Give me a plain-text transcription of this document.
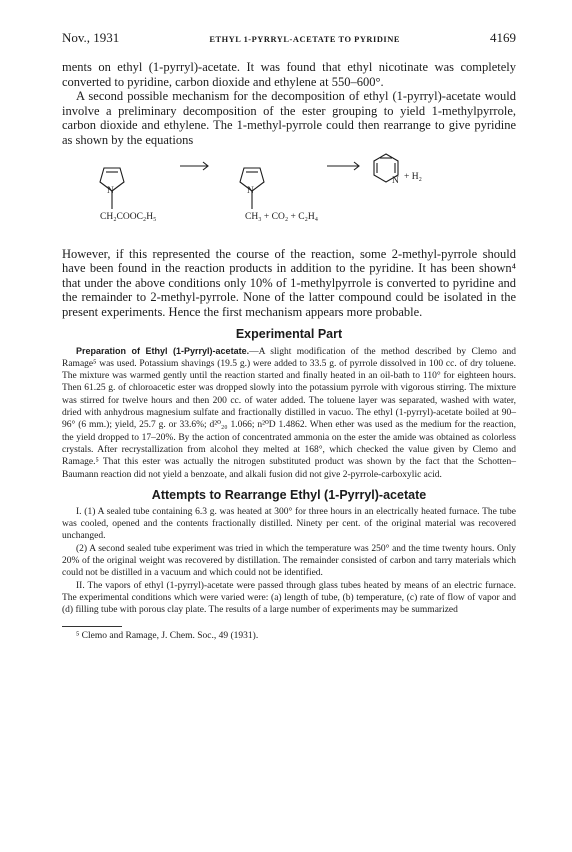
Nov., 1931	ETHYL 1-PYRRYL-ACETATE TO PYRIDINE	4169

ments on ethyl (1-pyrryl)-acetate. It was found that ethyl nicotinate was completely converted to pyridine, carbon dioxide and ethylene at 550–600°.

A second possible mechanism for the decomposition of ethyl (1-pyrryl)-acetate would involve a preliminary decomposition of the ester grouping to yield 1-methylpyrrole, carbon dioxide and ethylene. The 1-methyl-pyrrole could then rearrange to give pyridine as shown by the equations

N	N
N + H₂
CH₂COOC₂H₅	CH₃ + CO₂ + C₂H₄

However, if this represented the course of the reaction, some 2-methyl-pyrrole should have been found in the reaction products in addition to the pyridine. It has been shown⁴ that under the above conditions only 10% of 1-methylpyrrole is converted to pyridine and the remainder to 2-methyl-pyrrole. None of the latter compound could be isolated in the present experiments. Hence the first mechanism appears more probable.

Experimental Part

Preparation of Ethyl (1-Pyrryl)-acetate.—A slight modification of the method described by Clemo and Ramage⁵ was used. Potassium shavings (19.5 g.) were added to 33.5 g. of pyrrole dissolved in 100 cc. of dry toluene. The mixture was warmed gently until the reaction started and finally heated in an oil-bath to 110° for eighteen hours. Then 61.25 g. of chloroacetic ester was dropped slowly into the potassium pyrrole with vigorous stirring. The mixture was stirred for twelve hours and then 200 cc. of water added. The toluene layer was separated, washed with water, dried with anhydrous magnesium sulfate and fractionally distilled in vacuo. The ethyl (1-pyrryl)-acetate boiled at 90–96° (6 mm.); yield, 25.7 g. or 33.6%; d²⁰₂₀ 1.066; n²⁰D 1.4862. When ether was used as the medium for the reaction, the yield dropped to 17–20%. By the action of concentrated ammonia on the ester the amide was obtained as colorless crystals. After recrystallization from alcohol they melted at 168°, which checked the value given by Clemo and Ramage.⁵ That this ester was actually the nitrogen substituted product was shown by the fact that the Schotten–Baumann reaction did not yield a benzoate, and alkali fusion did not give 2-pyrrole-carboxylic acid.

Attempts to Rearrange Ethyl (1-Pyrryl)-acetate

I. (1) A sealed tube containing 6.3 g. was heated at 300° for three hours in an electrically heated furnace. The tube was cooled, opened and the contents fractionally distilled. Ninety per cent. of the original material was recovered unchanged.

(2) A second sealed tube experiment was tried in which the temperature was 250° and the time twenty hours. Only 20% of the original weight was recovered by distillation. The remainder consisted of carbon and tarry materials which could not be distilled in a vacuum and which could not be identified.

II. The vapors of ethyl (1-pyrryl)-acetate were passed through glass tubes heated by means of an electric furnace. The experimental conditions which were varied were: (a) length of tube, (b) temperature, (c) rate of flow of vapor and (d) filling tube with porous clay plate. The results of a large number of experiments may be summarized

⁵ Clemo and Ramage, J. Chem. Soc., 49 (1931).
